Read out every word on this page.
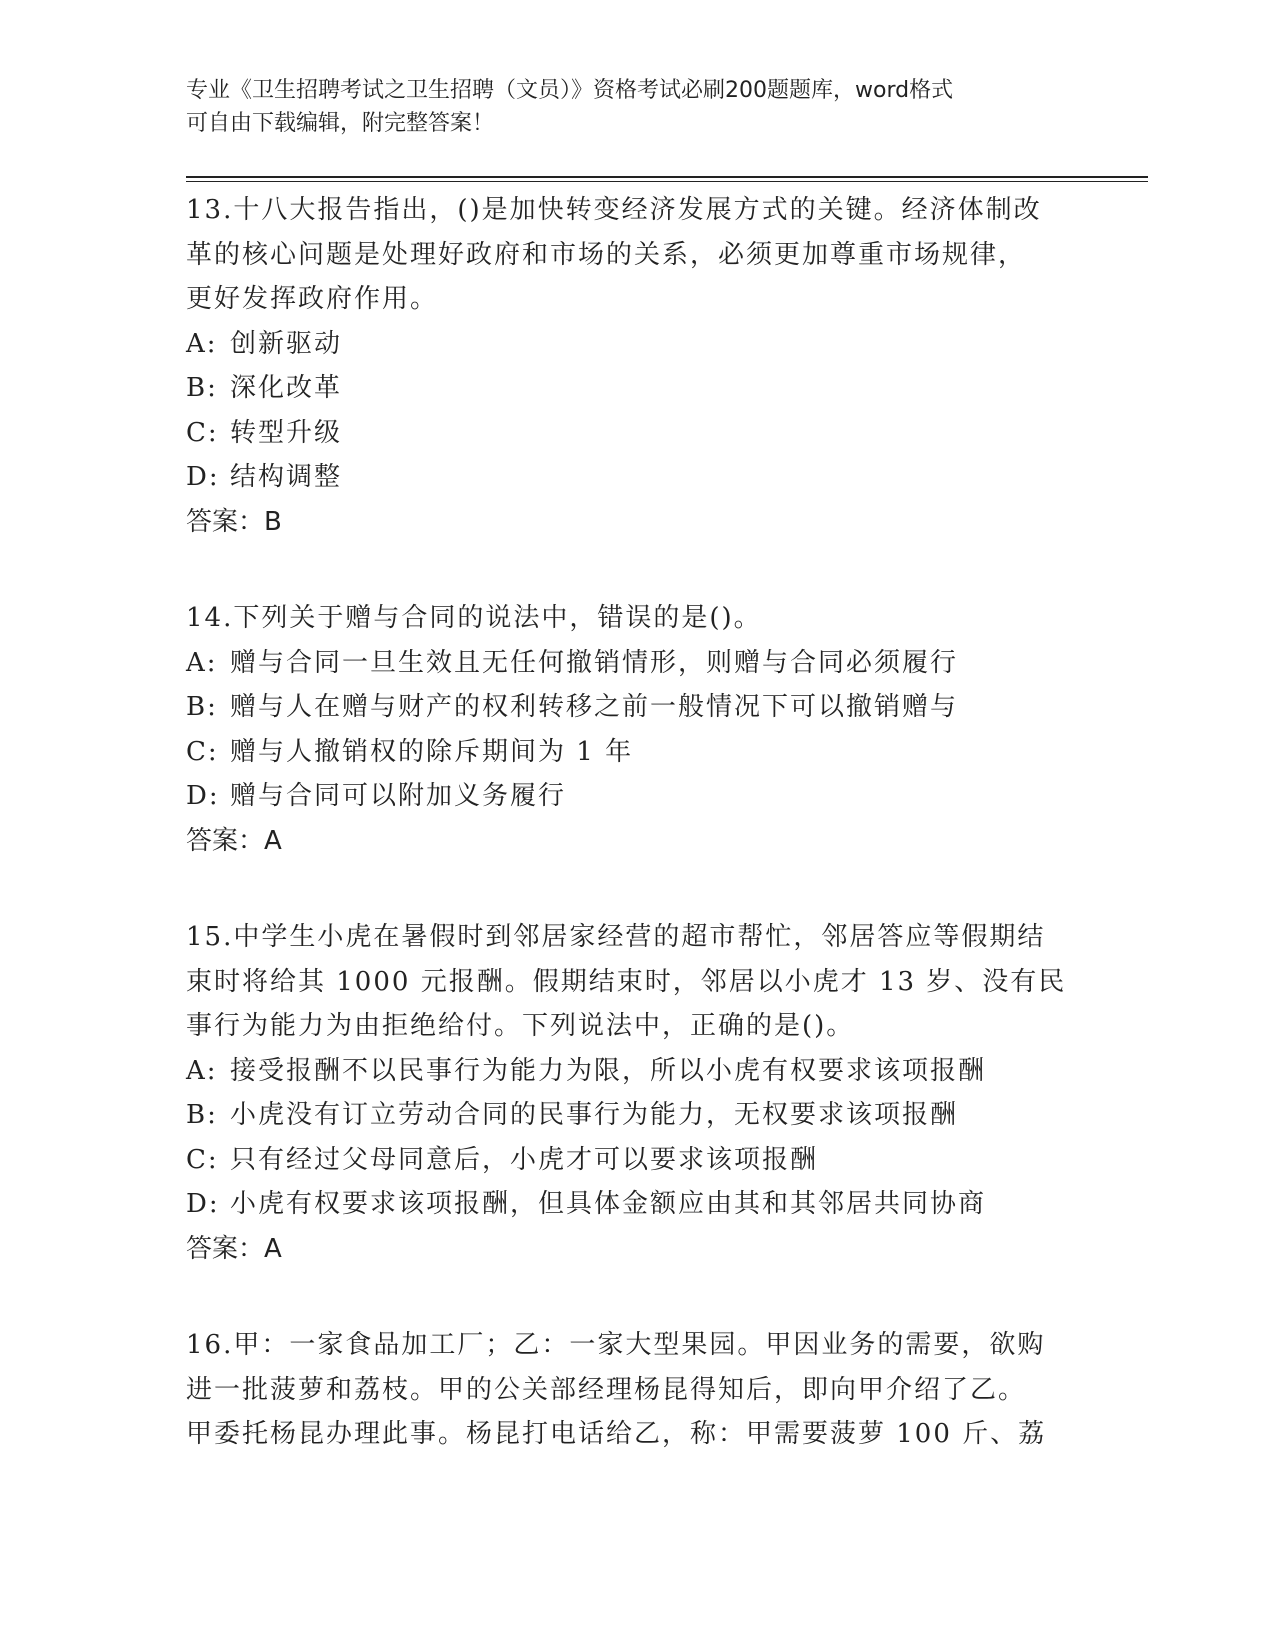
专业《卫生招聘考试之卫生招聘（文员）》资格考试必刷200题题库，word格式
可自由下载编辑，附完整答案！

13.十八大报告指出，()是加快转变经济发展方式的关键。经济体制改

革的核心问题是处理好政府和市场的关系，必须更加尊重市场规律，

更好发挥政府作用。

A: 创新驱动

B: 深化改革

C: 转型升级

D: 结构调整

答案：B

14.下列关于赠与合同的说法中，错误的是()。

A: 赠与合同一旦生效且无任何撤销情形，则赠与合同必须履行

B: 赠与人在赠与财产的权利转移之前一般情况下可以撤销赠与

C: 赠与人撤销权的除斥期间为 1 年

D: 赠与合同可以附加义务履行

答案：A

15.中学生小虎在暑假时到邻居家经营的超市帮忙，邻居答应等假期结

束时将给其 1000 元报酬。假期结束时，邻居以小虎才 13 岁、没有民

事行为能力为由拒绝给付。下列说法中，正确的是()。

A: 接受报酬不以民事行为能力为限，所以小虎有权要求该项报酬

B: 小虎没有订立劳动合同的民事行为能力，无权要求该项报酬

C: 只有经过父母同意后，小虎才可以要求该项报酬

D: 小虎有权要求该项报酬，但具体金额应由其和其邻居共同协商

答案：A

16.甲：一家食品加工厂；乙：一家大型果园。甲因业务的需要，欲购

进一批菠萝和荔枝。甲的公关部经理杨昆得知后，即向甲介绍了乙。

甲委托杨昆办理此事。杨昆打电话给乙，称：甲需要菠萝 100 斤、荔
